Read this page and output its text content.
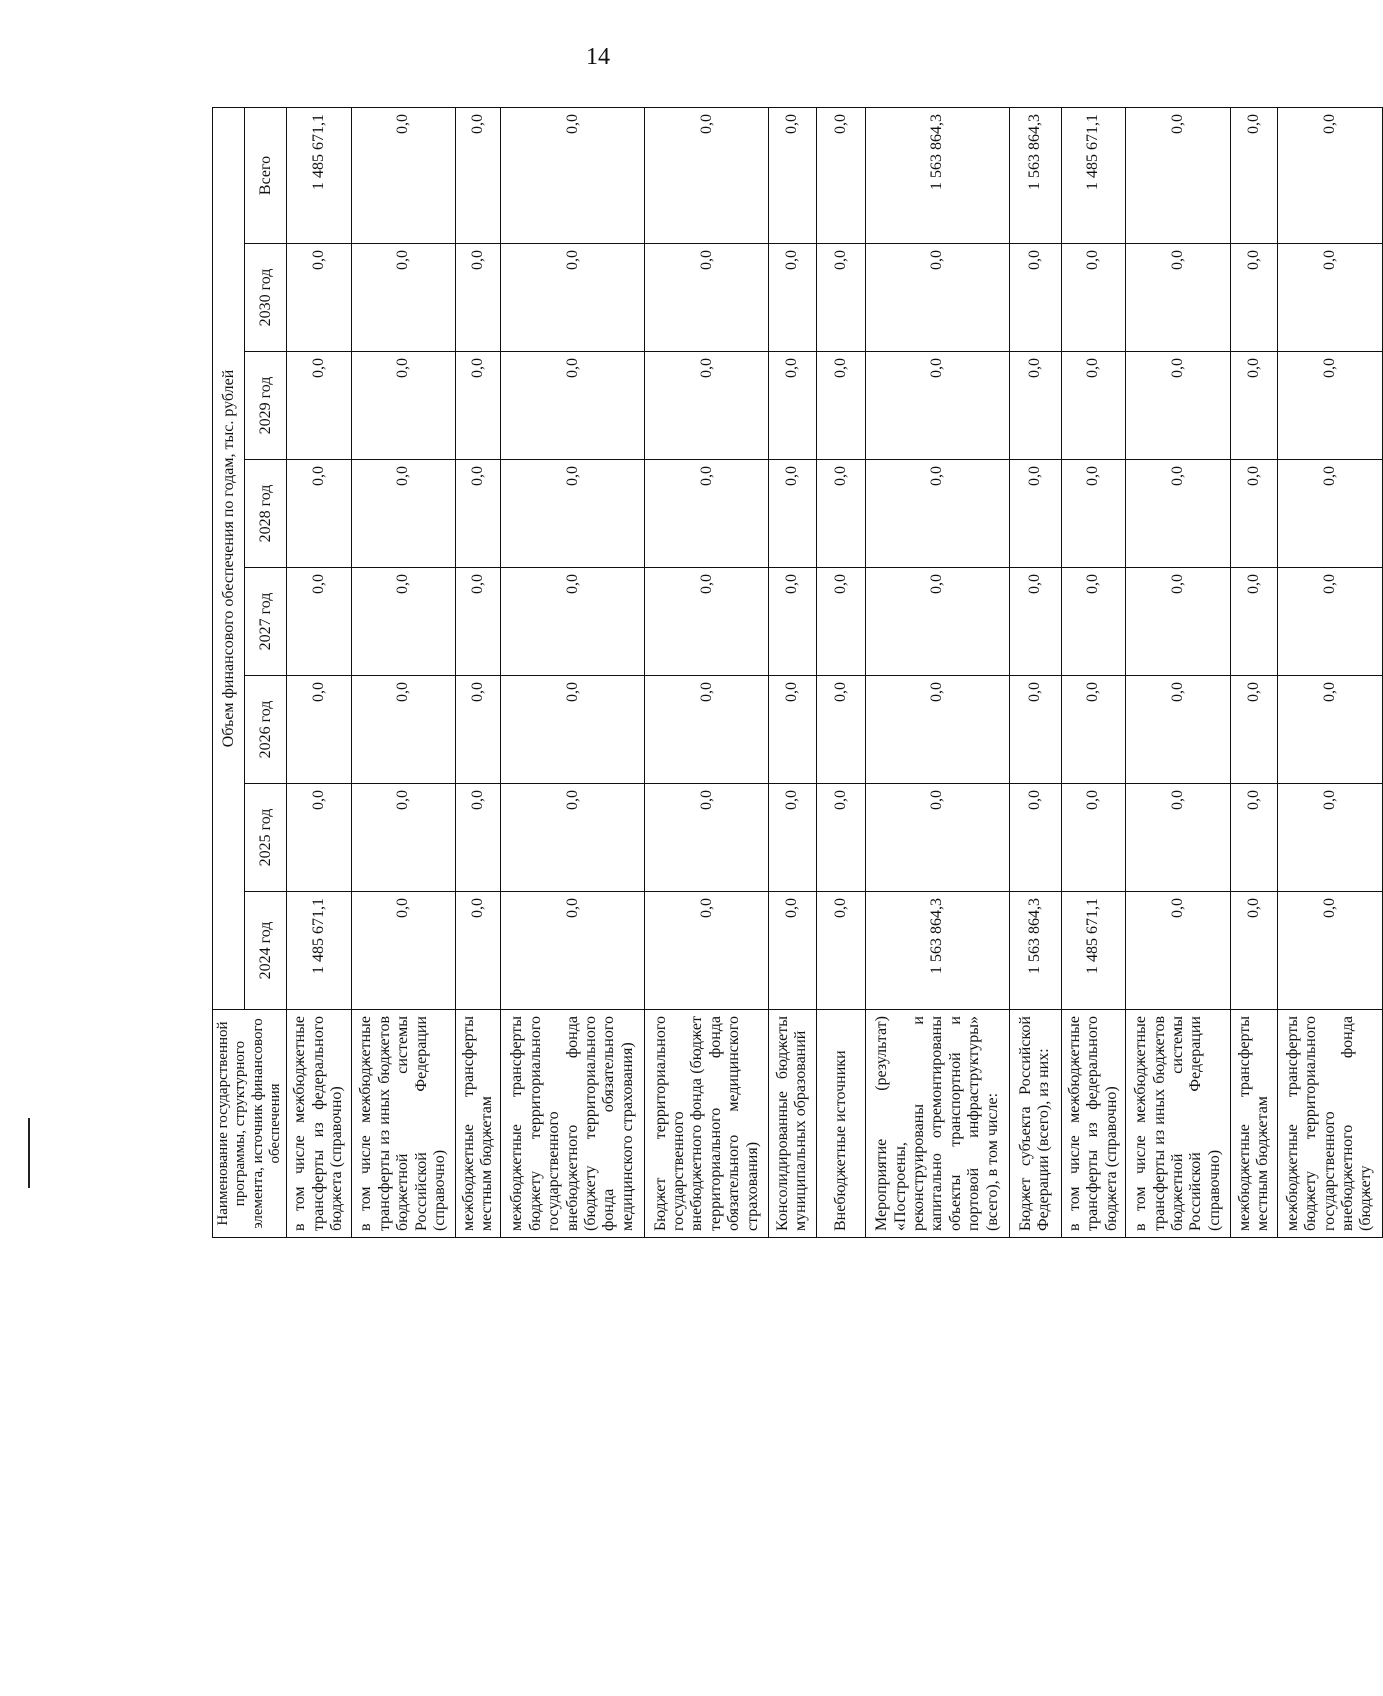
14
Наименование государственной программы, структурного элемента, источник финансового обеспечения	Объем финансового обеспечения по годам, тыс. рублей							
	2024 год	2025 год	2026 год	2027 год	2028 год	2029 год	2030 год	Всего
в том числе межбюджетные трансферты из федерального бюджета (справочно)	1 485 671,1	0,0	0,0	0,0	0,0	0,0	0,0	1 485 671,1
в том числе межбюджетные трансферты из иных бюджетов бюджетной системы Российской Федерации (справочно)	0,0	0,0	0,0	0,0	0,0	0,0	0,0	0,0
межбюджетные трансферты местным бюджетам	0,0	0,0	0,0	0,0	0,0	0,0	0,0	0,0
межбюджетные трансферты бюджету территориального государственного внебюджетного фонда (бюджету территориального фонда обязательного медицинского страхования)	0,0	0,0	0,0	0,0	0,0	0,0	0,0	0,0
Бюджет территориального государственного внебюджетного фонда (бюджет территориального фонда обязательного медицинского страхования)	0,0	0,0	0,0	0,0	0,0	0,0	0,0	0,0
Консолидированные бюджеты муниципальных образований	0,0	0,0	0,0	0,0	0,0	0,0	0,0	0,0
Внебюджетные источники	0,0	0,0	0,0	0,0	0,0	0,0	0,0	0,0
Мероприятие (результат) «Построены, реконструированы и капитально отремонтированы объекты транспортной и портовой инфраструктуры» (всего), в том числе:	1 563 864,3	0,0	0,0	0,0	0,0	0,0	0,0	1 563 864,3
Бюджет субъекта Российской Федерации (всего), из них:	1 563 864,3	0,0	0,0	0,0	0,0	0,0	0,0	1 563 864,3
в том числе межбюджетные трансферты из федерального бюджета (справочно)	1 485 671,1	0,0	0,0	0,0	0,0	0,0	0,0	1 485 671,1
в том числе межбюджетные трансферты из иных бюджетов бюджетной системы Российской Федерации (справочно)	0,0	0,0	0,0	0,0	0,0	0,0	0,0	0,0
межбюджетные трансферты местным бюджетам	0,0	0,0	0,0	0,0	0,0	0,0	0,0	0,0
межбюджетные трансферты бюджету территориального государственного внебюджетного фонда (бюджету	0,0	0,0	0,0	0,0	0,0	0,0	0,0	0,0
